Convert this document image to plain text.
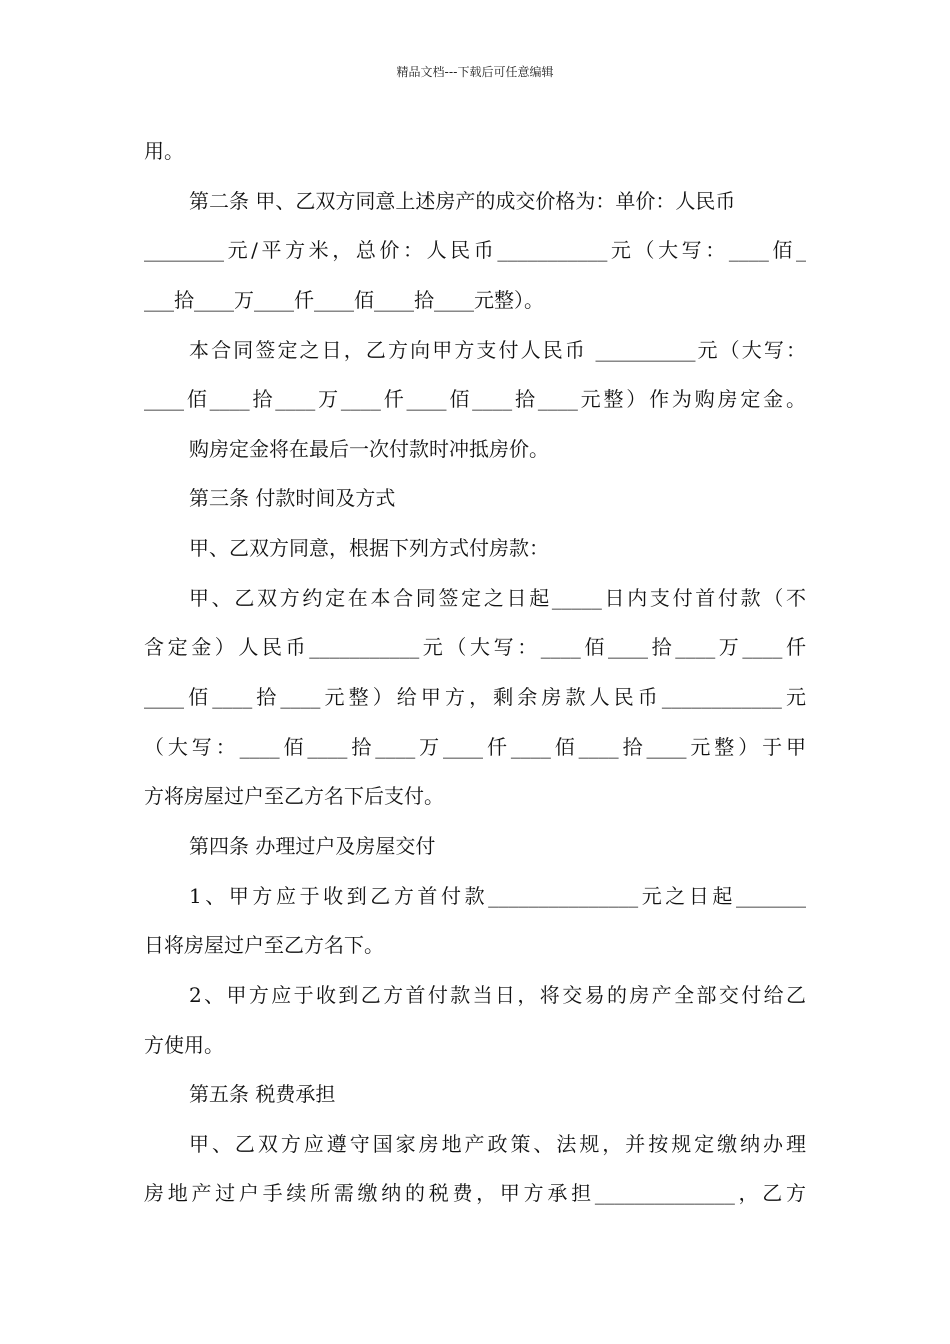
精品文档---下载后可任意编辑
用。
第二条 甲、乙双方同意上述房产的成交价格为：单价：人民币
________元/平方米，总价：人民币___________元（大写：____佰_
___拾____万____仟____佰____拾____元整）。
本合同签定之日，乙方向甲方支付人民币 __________元（大写：
____佰____拾____万____仟____佰____拾____元整）作为购房定金。
购房定金将在最后一次付款时冲抵房价。
第三条 付款时间及方式
甲、乙双方同意，根据下列方式付房款：
甲、乙双方约定在本合同签定之日起_____日内支付首付款（不
含定金）人民币___________元（大写：____佰____拾____万____仟
____佰____拾____元整）给甲方，剩余房款人民币____________元
（大写：____佰____拾____万____仟____佰____拾____元整）于甲
方将房屋过户至乙方名下后支付。
第四条 办理过户及房屋交付
1、甲方应于收到乙方首付款_______________元之日起_______
日将房屋过户至乙方名下。
2、甲方应于收到乙方首付款当日，将交易的房产全部交付给乙
方使用。
第五条 税费承担
甲、乙双方应遵守国家房地产政策、法规，并按规定缴纳办理
房地产过户手续所需缴纳的税费，甲方承担______________，乙方
